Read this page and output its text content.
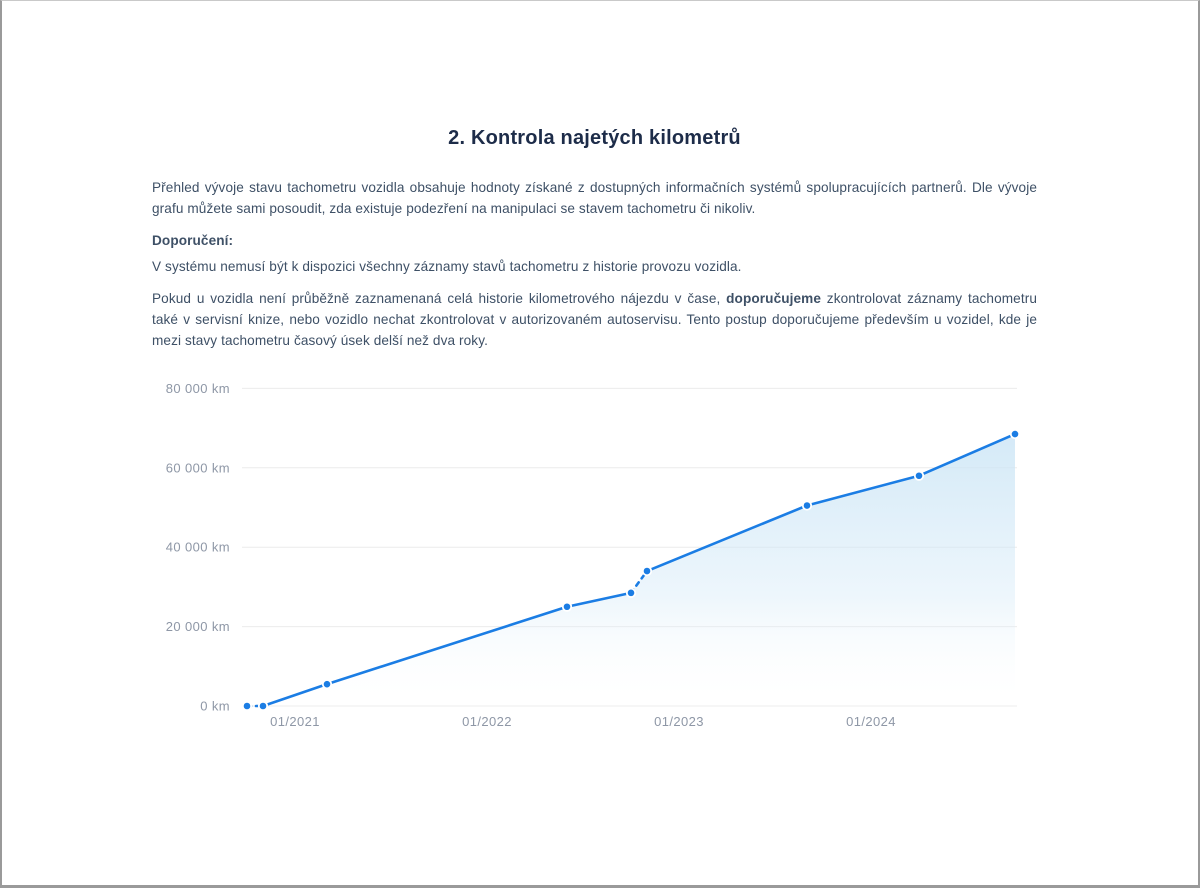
2. Kontrola najetých kilometrů

Přehled vývoje stavu tachometru vozidla obsahuje hodnoty získané z dostupných informačních systémů spolupracujících partnerů. Dle vývoje grafu můžete sami posoudit, zda existuje podezření na manipulaci se stavem tachometru či nikoliv.

Doporučení:

V systému nemusí být k dispozici všechny záznamy stavů tachometru z historie provozu vozidla.

Pokud u vozidla není průběžně zaznamenaná celá historie kilometrového nájezdu v čase, doporučujeme zkontrolovat záznamy tachometru také v servisní knize, nebo vozidlo nechat zkontrolovat v autorizovaném autoservisu. Tento postup doporučujeme především u vozidel, kde je mezi stavy tachometru časový úsek delší než dva roky.

0 km
20 000 km
40 000 km
60 000 km
80 000 km
01/2021	01/2022	01/2023	01/2024
